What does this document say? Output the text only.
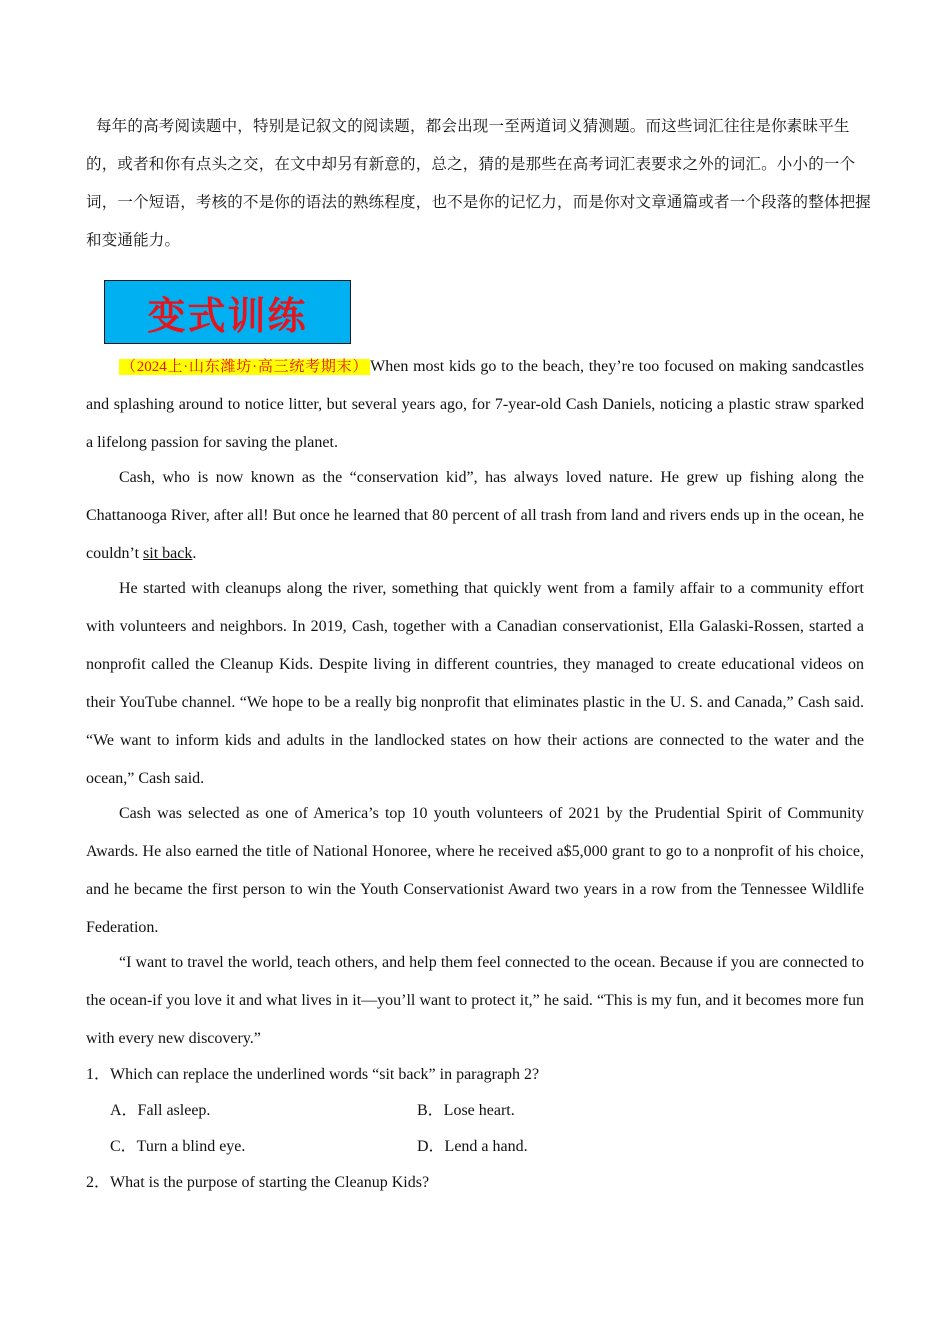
每年的高考阅读题中，特别是记叙文的阅读题，都会出现一至两道词义猜测题。而这些词汇往往是你素昧平生的，或者和你有点头之交，在文中却另有新意的，总之，猜的是那些在高考词汇表要求之外的词汇。小小的一个词，一个短语，考核的不是你的语法的熟练程度，也不是你的记忆力，而是你对文章通篇或者一个段落的整体把握和变通能力。

变式训练

（2024上·山东潍坊·高三统考期末） When most kids go to the beach, they’re too focused on making sandcastles and splashing around to notice litter, but several years ago, for 7-year-old Cash Daniels, noticing a plastic straw sparked a lifelong passion for saving the planet.

Cash, who is now known as the “conservation kid”, has always loved nature. He grew up fishing along the Chattanooga River, after all! But once he learned that 80 percent of all trash from land and rivers ends up in the ocean, he couldn’t sit back.

He started with cleanups along the river, something that quickly went from a family affair to a community effort with volunteers and neighbors. In 2019, Cash, together with a Canadian conservationist, Ella Galaski-Rossen, started a nonprofit called the Cleanup Kids. Despite living in different countries, they managed to create educational videos on their YouTube channel. “We hope to be a really big nonprofit that eliminates plastic in the U. S. and Canada,” Cash said. “We want to inform kids and adults in the landlocked states on how their actions are connected to the water and the ocean,” Cash said.

Cash was selected as one of America’s top 10 youth volunteers of 2021 by the Prudential Spirit of Community Awards. He also earned the title of National Honoree, where he received a$5,000 grant to go to a nonprofit of his choice, and he became the first person to win the Youth Conservationist Award two years in a row from the Tennessee Wildlife Federation.

“I want to travel the world, teach others, and help them feel connected to the ocean. Because if you are connected to the ocean-if you love it and what lives in it—you’ll want to protect it,” he said. “This is my fun, and it becomes more fun with every new discovery.”

1．Which can replace the underlined words “sit back” in paragraph 2?

A．Fall asleep.	B．Lose heart.
C．Turn a blind eye.	D．Lend a hand.

2．What is the purpose of starting the Cleanup Kids?
